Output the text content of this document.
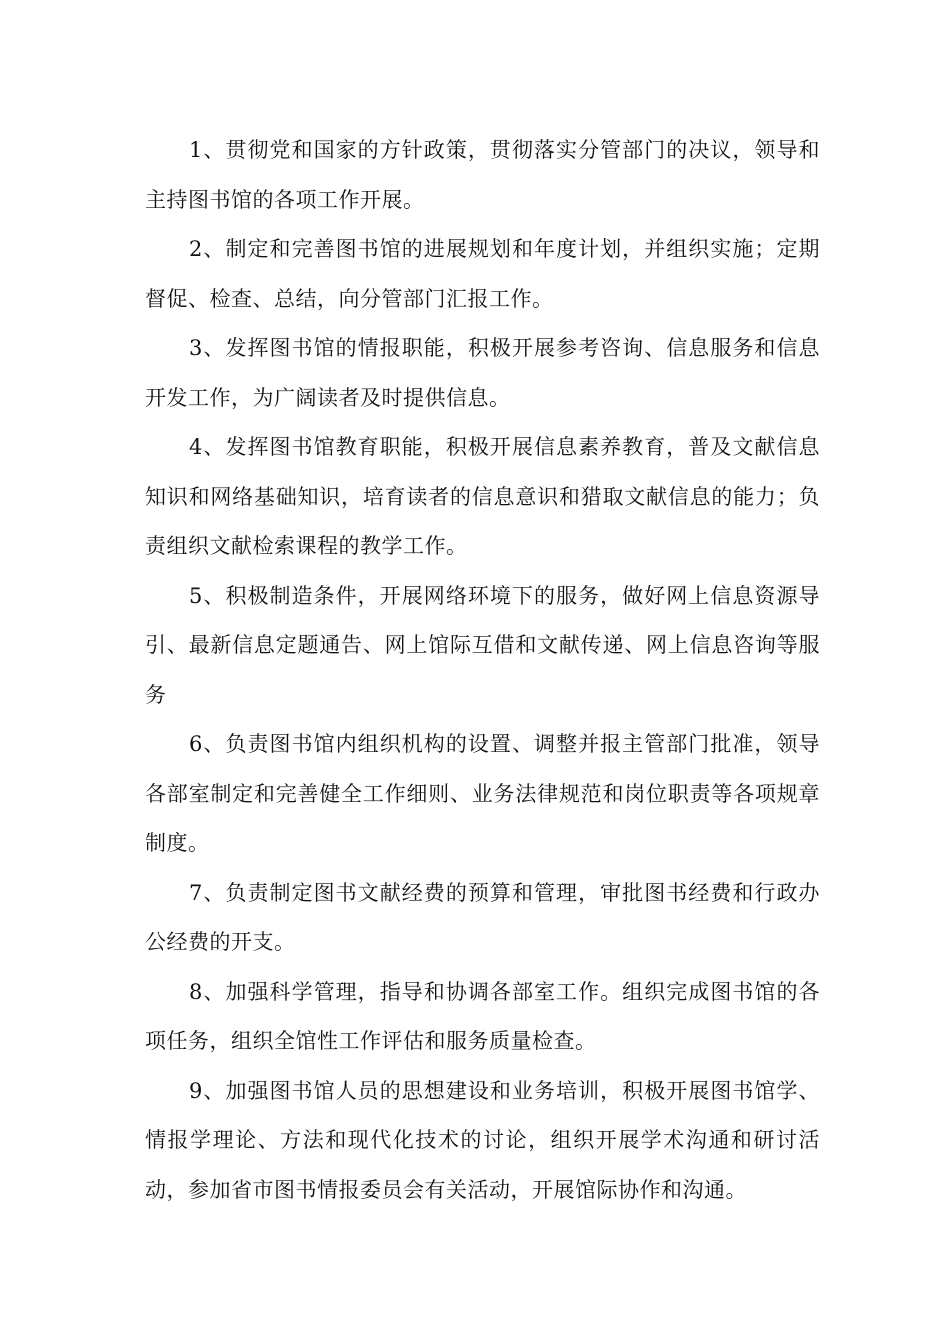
1、贯彻党和国家的方针政策，贯彻落实分管部门的决议，领导和主持图书馆的各项工作开展。

2、制定和完善图书馆的进展规划和年度计划，并组织实施；定期督促、检查、总结，向分管部门汇报工作。

3、发挥图书馆的情报职能，积极开展参考咨询、信息服务和信息开发工作，为广阔读者及时提供信息。

4、发挥图书馆教育职能，积极开展信息素养教育，普及文献信息知识和网络基础知识，培育读者的信息意识和猎取文献信息的能力；负责组织文献检索课程的教学工作。

5、积极制造条件，开展网络环境下的服务，做好网上信息资源导引、最新信息定题通告、网上馆际互借和文献传递、网上信息咨询等服务

6、负责图书馆内组织机构的设置、调整并报主管部门批准，领导各部室制定和完善健全工作细则、业务法律规范和岗位职责等各项规章制度。

7、负责制定图书文献经费的预算和管理，审批图书经费和行政办公经费的开支。

8、加强科学管理，指导和协调各部室工作。组织完成图书馆的各项任务，组织全馆性工作评估和服务质量检查。

9、加强图书馆人员的思想建设和业务培训，积极开展图书馆学、情报学理论、方法和现代化技术的讨论，组织开展学术沟通和研讨活动，参加省市图书情报委员会有关活动，开展馆际协作和沟通。
